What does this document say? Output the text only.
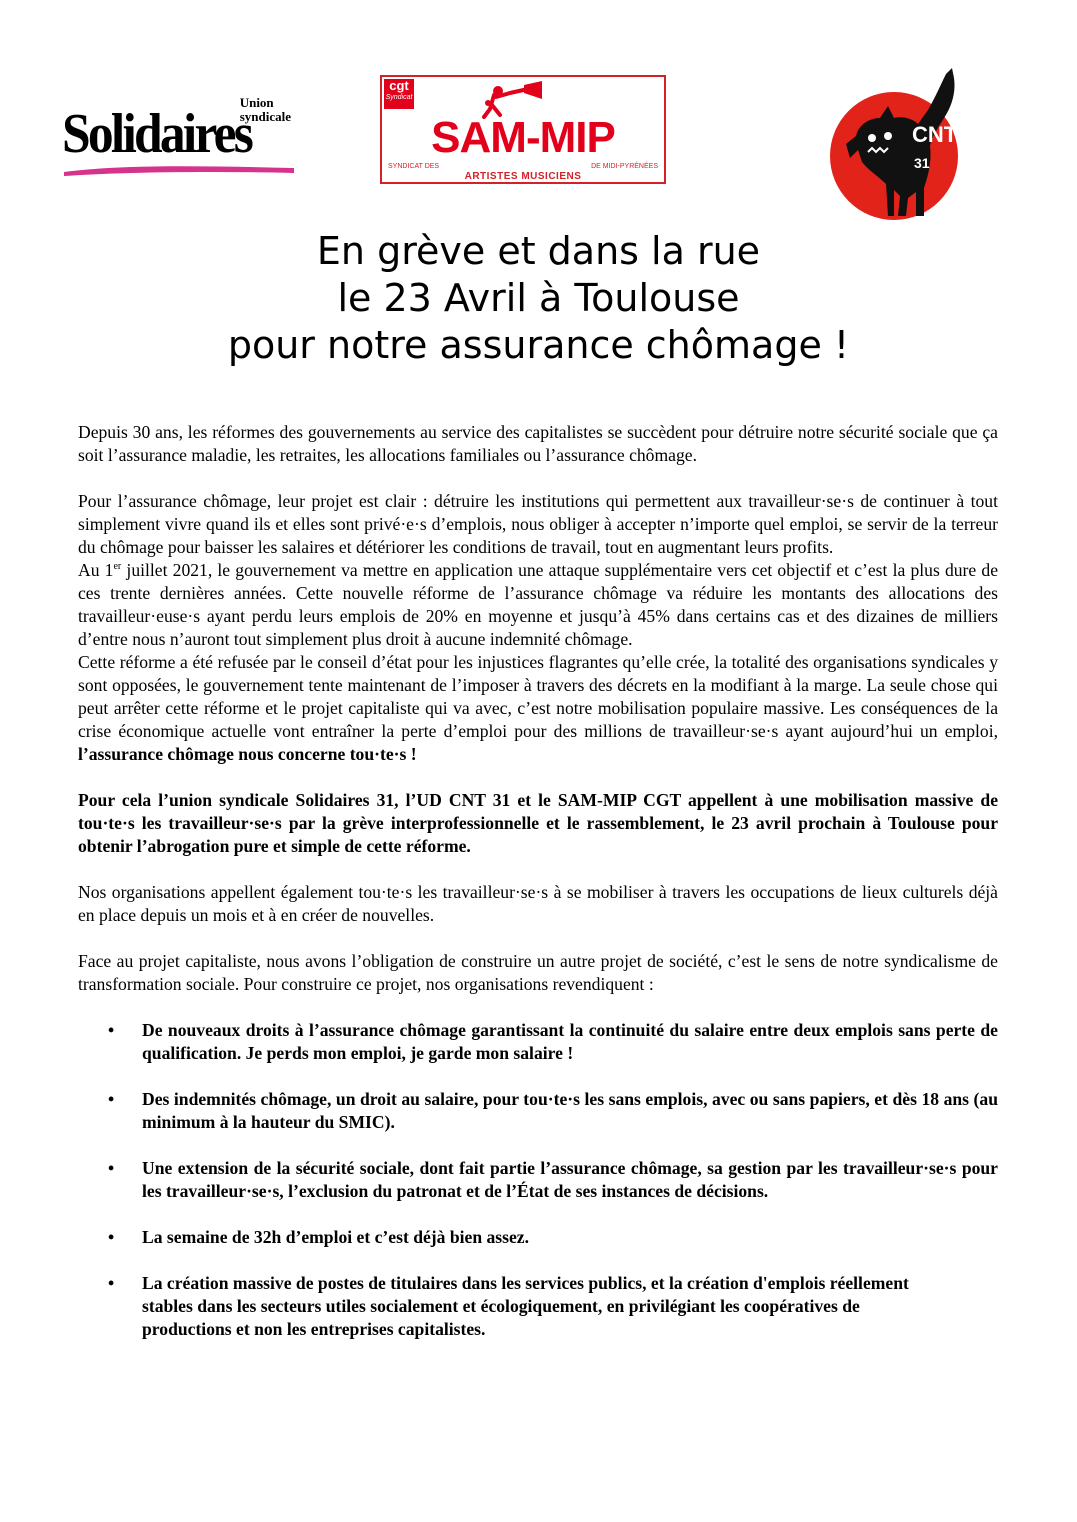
Union
syndicale
Solidaires
cgt
Syndicat
SAM-MIP
SYNDICAT DES	DE MIDI-PYRÉNÉES
ARTISTES MUSICIENS
CNT
31
En grève et dans la rue
le 23 Avril à Toulouse
pour notre assurance chômage !

Depuis 30 ans, les réformes des gouvernements au service des capitalistes se succèdent pour détruire notre sécurité sociale que ça soit l’assurance maladie, les retraites, les allocations familiales ou l’assurance chômage.

Pour l’assurance chômage, leur projet est clair : détruire les institutions qui permettent aux travailleur·se·s de continuer à tout simplement vivre quand ils et elles sont privé·e·s d’emplois, nous obliger à accepter n’importe quel emploi, se servir de la terreur du chômage pour baisser les salaires et détériorer les conditions de travail, tout en augmentant leurs profits.

Au 1er juillet 2021, le gouvernement va mettre en application une attaque supplémentaire vers cet objectif et c’est la plus dure de ces trente dernières années. Cette nouvelle réforme de l’assurance chômage va réduire les montants des allocations des travailleur·euse·s ayant perdu leurs emplois de 20% en moyenne et jusqu’à 45% dans certains cas et des dizaines de milliers d’entre nous n’auront tout simplement plus droit à aucune indemnité chômage.

Cette réforme a été refusée par le conseil d’état pour les injustices flagrantes qu’elle crée, la totalité des organisations syndicales y sont opposées, le gouvernement tente maintenant de l’imposer à travers des décrets en la modifiant à la marge. La seule chose qui peut arrêter cette réforme et le projet capitaliste qui va avec, c’est notre mobilisation populaire massive. Les conséquences de la crise économique actuelle vont entraîner la perte d’emploi pour des millions de travailleur·se·s ayant aujourd’hui un emploi, l’assurance chômage nous concerne tou·te·s !

Pour cela l’union syndicale Solidaires 31, l’UD CNT 31 et le SAM-MIP CGT appellent à une mobilisation massive de tou·te·s les travailleur·se·s par la grève interprofessionnelle et le rassemblement, le 23 avril prochain à Toulouse pour obtenir l’abrogation pure et simple de cette réforme.

Nos organisations appellent également tou·te·s les travailleur·se·s à se mobiliser à travers les occupations de lieux culturels déjà en place depuis un mois et à en créer de nouvelles.

Face au projet capitaliste, nous avons l’obligation de construire un autre projet de société, c’est le sens de notre syndicalisme de transformation sociale. Pour construire ce projet, nos organisations revendiquent :

• De nouveaux droits à l’assurance chômage garantissant la continuité du salaire entre deux emplois sans perte de qualification. Je perds mon emploi, je garde mon salaire !
• Des indemnités chômage, un droit au salaire, pour tou·te·s les sans emplois, avec ou sans papiers, et dès 18 ans (au minimum à la hauteur du SMIC).
• Une extension de la sécurité sociale, dont fait partie l’assurance chômage, sa gestion par les travailleur·se·s pour les travailleur·se·s, l’exclusion du patronat et de l’État de ses instances de décisions.
• La semaine de 32h d’emploi et c’est déjà bien assez.
• La création massive de postes de titulaires dans les services publics, et la création d'emplois réellement stables dans les secteurs utiles socialement et écologiquement, en privilégiant les coopératives de productions et non les entreprises capitalistes.
